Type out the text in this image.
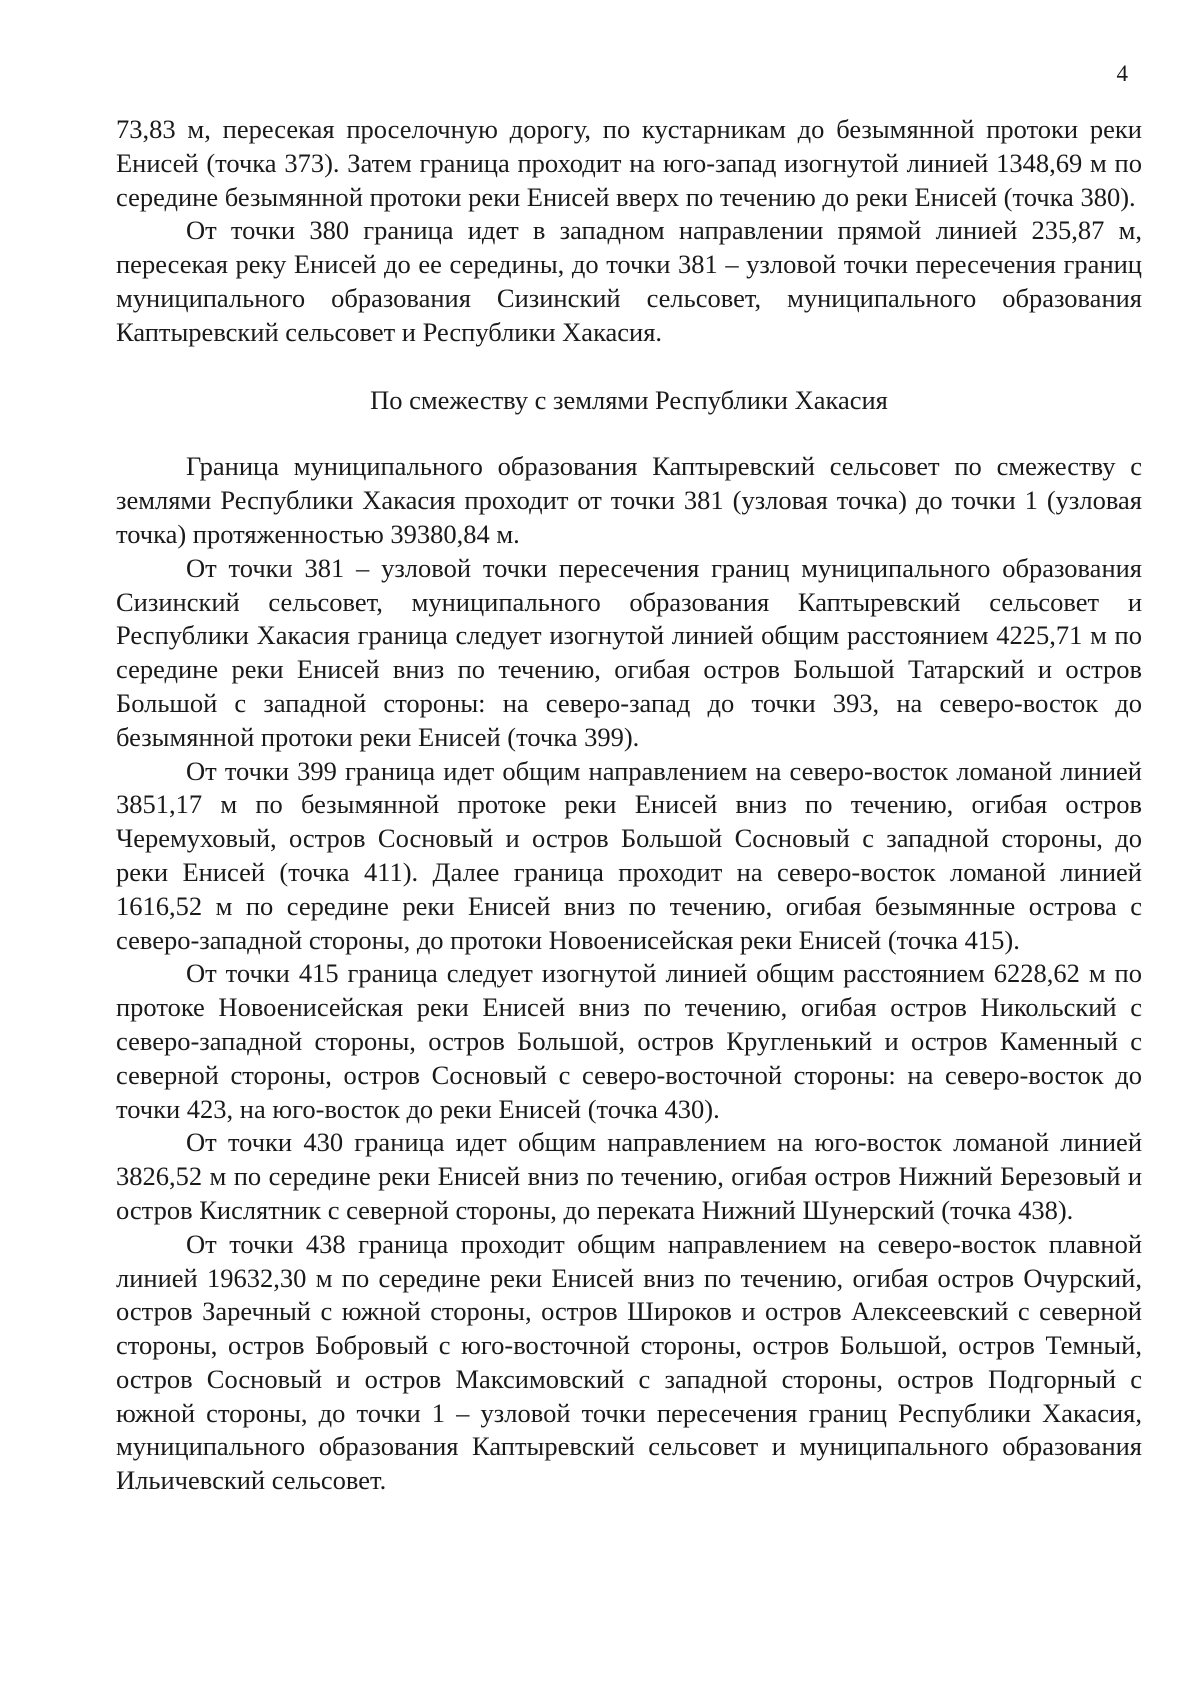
4

73,83 м, пересекая проселочную дорогу, по кустарникам до безымянной протоки реки Енисей (точка 373). Затем граница проходит на юго-запад изогнутой линией 1348,69 м по середине безымянной протоки реки Енисей вверх по течению до реки Енисей (точка 380).

От точки 380 граница идет в западном направлении прямой линией 235,87 м, пересекая реку Енисей до ее середины, до точки 381 – узловой точки пересечения границ муниципального образования Сизинский сельсовет, муниципального образования Каптыревский сельсовет и Республики Хакасия.

По смежеству с землями Республики Хакасия

Граница муниципального образования Каптыревский сельсовет по смежеству с землями Республики Хакасия проходит от точки 381 (узловая точка) до точки 1 (узловая точка) протяженностью 39380,84 м.

От точки 381 – узловой точки пересечения границ муниципального образования Сизинский сельсовет, муниципального образования Каптыревский сельсовет и Республики Хакасия граница следует изогнутой линией общим расстоянием 4225,71 м по середине реки Енисей вниз по течению, огибая остров Большой Татарский и остров Большой с западной стороны: на северо-запад до точки 393, на северо-восток до безымянной протоки реки Енисей (точка 399).

От точки 399 граница идет общим направлением на северо-восток ломаной линией 3851,17 м по безымянной протоке реки Енисей вниз по течению, огибая остров Черемуховый, остров Сосновый и остров Большой Сосновый с западной стороны, до реки Енисей (точка 411). Далее граница проходит на северо-восток ломаной линией 1616,52 м по середине реки Енисей вниз по течению, огибая безымянные острова с северо-западной стороны, до протоки Новоенисейская реки Енисей (точка 415).

От точки 415 граница следует изогнутой линией общим расстоянием 6228,62 м по протоке Новоенисейская реки Енисей вниз по течению, огибая остров Никольский с северо-западной стороны, остров Большой, остров Кругленький и остров Каменный с северной стороны, остров Сосновый с северо-восточной стороны: на северо-восток до точки 423, на юго-восток до реки Енисей (точка 430).

От точки 430 граница идет общим направлением на юго-восток ломаной линией 3826,52 м по середине реки Енисей вниз по течению, огибая остров Нижний Березовый и остров Кислятник с северной стороны, до переката Нижний Шунерский (точка 438).

От точки 438 граница проходит общим направлением на северо-восток плавной линией 19632,30 м по середине реки Енисей вниз по течению, огибая остров Очурский, остров Заречный с южной стороны, остров Широков и остров Алексеевский с северной стороны, остров Бобровый с юго-восточной стороны, остров Большой, остров Темный, остров Сосновый и остров Максимовский с западной стороны, остров Подгорный с южной стороны, до точки 1 – узловой точки пересечения границ Республики Хакасия, муниципального образования Каптыревский сельсовет и муниципального образования Ильичевский сельсовет.
